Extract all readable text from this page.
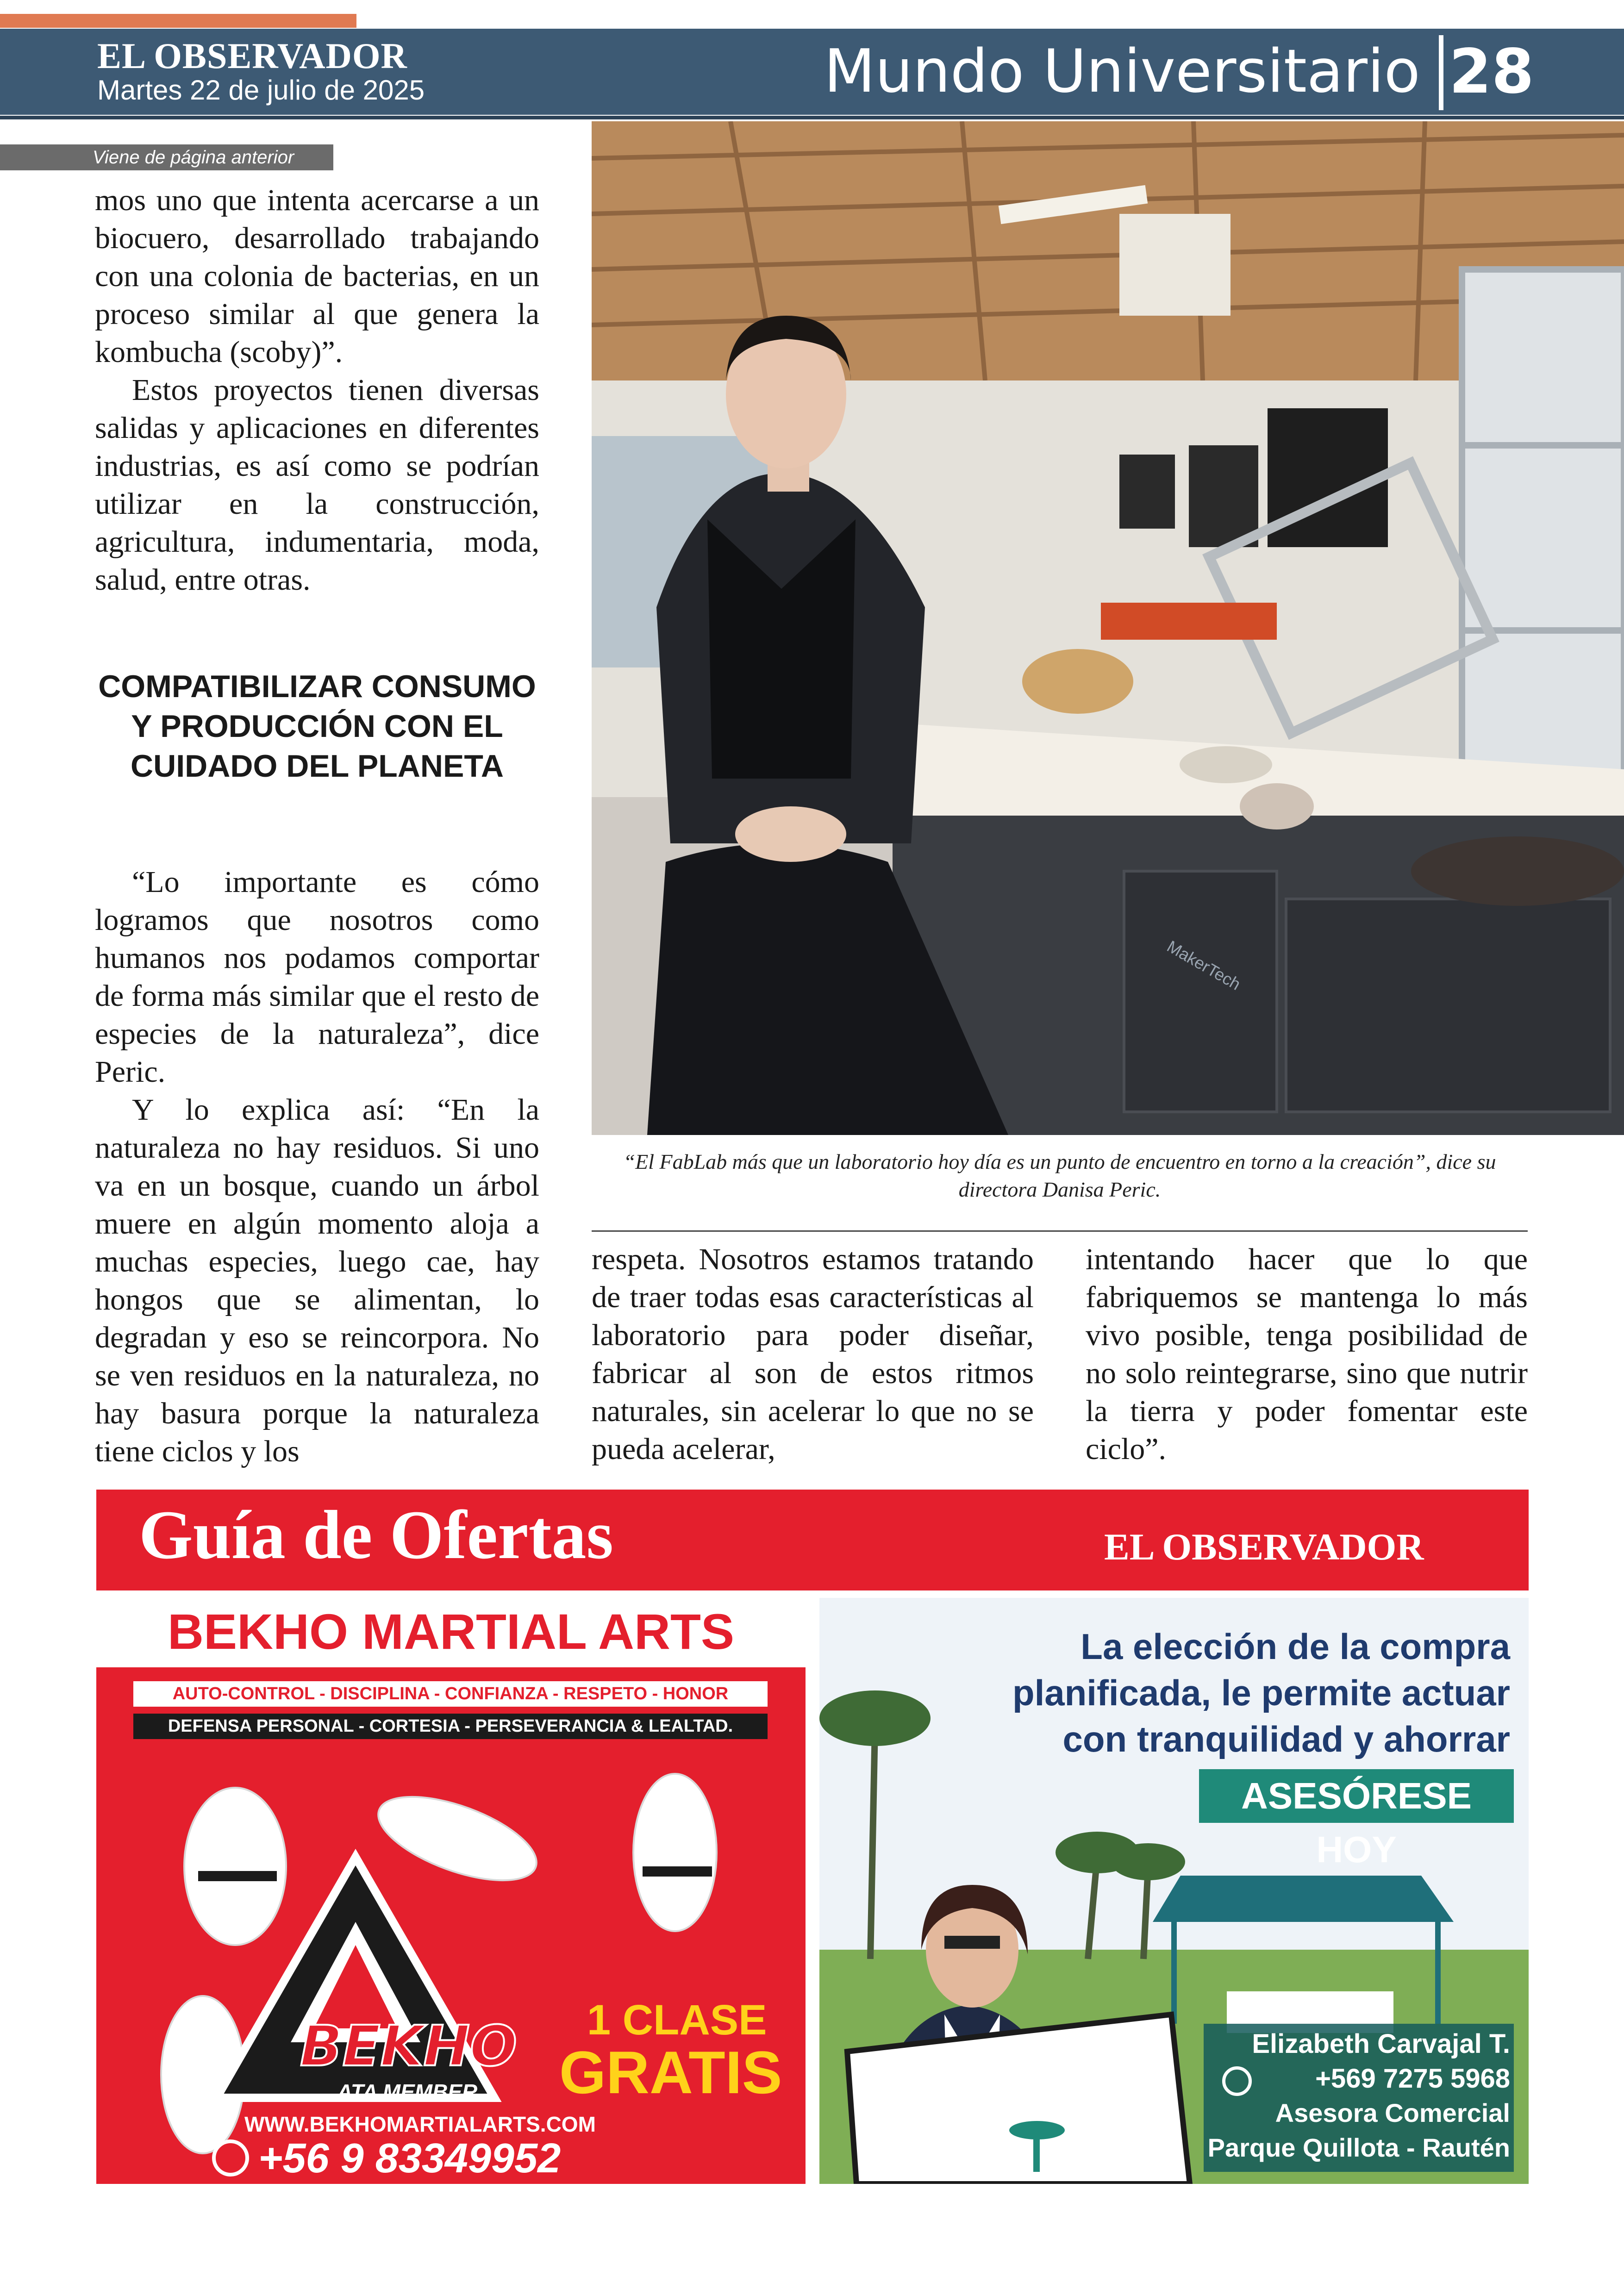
EL OBSERVADOR
Martes 22 de julio de 2025	Mundo Universitario 28
Viene de página anterior

mos uno que intenta acercarse a un biocuero, desarrollado trabajando con una colonia de bacterias, en un proceso similar al que genera la kombucha (scoby)”.

Estos proyectos tienen diversas salidas y aplicaciones en diferentes industrias, es así como se podrían utilizar en la construcción, agricultura, indumentaria, moda, salud, entre otras.

COMPATIBILIZAR CONSUMO Y PRODUCCIÓN CON EL CUIDADO DEL PLANETA

“Lo importante es cómo logramos que nosotros como humanos nos podamos comportar de forma más similar que el resto de especies de la naturaleza”, dice Peric.

Y lo explica así: “En la naturaleza no hay residuos. Si uno va en un bosque, cuando un árbol muere en algún momento aloja a muchas especies, luego cae, hay hongos que se alimentan, lo degradan y eso se reincorpora. No se ven residuos en la naturaleza, no hay basura porque la naturaleza tiene ciclos y los

MakerTech
“El FabLab más que un laboratorio hoy día es un punto de encuentro en torno a la creación”, dice su directora Danisa Peric.

respeta. Nosotros estamos tratando de traer todas esas características al laboratorio para poder diseñar, fabricar al son de estos ritmos naturales, sin acelerar lo que no se pueda acelerar,

intentando hacer que lo que fabriquemos se mantenga lo más vivo posible, tenga posibilidad de no solo reintegrarse, sino que nutrir la tierra y poder fomentar este ciclo”.

Guía de Ofertas	EL OBSERVADOR
BEKHO MARTIAL ARTS
AUTO-CONTROL - DISCIPLINA - CONFIANZA - RESPETO - HONOR
DEFENSA PERSONAL - CORTESIA - PERSEVERANCIA & LEALTAD.
BEKHO
ATA MEMBER
1 CLASE
GRATIS
WWW.BEKHOMARTIALARTS.COM
+56 9 83349952
La elección de la compra
planificada, le permite actuar
con tranquilidad y ahorrar
ASESÓRESE HOY
Elizabeth Carvajal T.
+569 7275 5968
Asesora Comercial
Parque Quillota - Rautén
